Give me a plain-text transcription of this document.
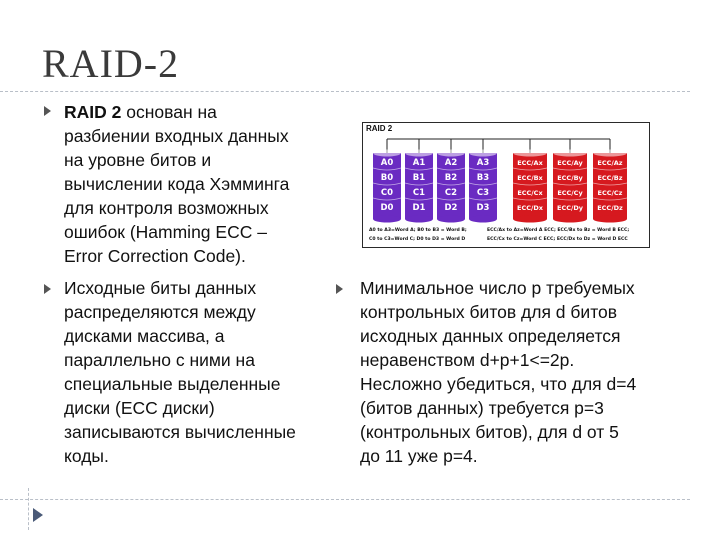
RAID-2
RAID 2 основан на
разбиении входных данных
на уровне битов и
вычислении кода Хэмминга
для контроля возможных
ошибок (Hamming ECC –
Error Correction Code).
Исходные биты данных
распределяются между
дисками массива, а
параллельно с ними на
специальные выделенные
диски (ECC диски)
записываются вычисленные
коды.
Минимальное число p требуемых
контрольных битов для d битов
исходных данных определяется
неравенством d+p+1<=2p.
Несложно убедиться, что для d=4
(битов данных) требуется p=3
(контрольных битов), для d от 5
до 11 уже p=4.
RAID 2
A0
B0
C0
D0
A1
B1
C1
D1
A2
B2
C2
D2
A3
B3
C3
D3
ECC/Ax
ECC/Bx
ECC/Cx
ECC/Dx
ECC/Ay
ECC/By
ECC/Cy
ECC/Dy
ECC/Az
ECC/Bz
ECC/Cz
ECC/Dz
A0 to A3=Word A; B0 to B3 = Word B;
C0 to C3=Word C; D0 to D3 = Word D
ECC/Ax to Az=Word A ECC; ECC/Bx to Bz = Word B ECC;
ECC/Cx to Cz=Word C ECC; ECC/Dx to Dz = Word D ECC
